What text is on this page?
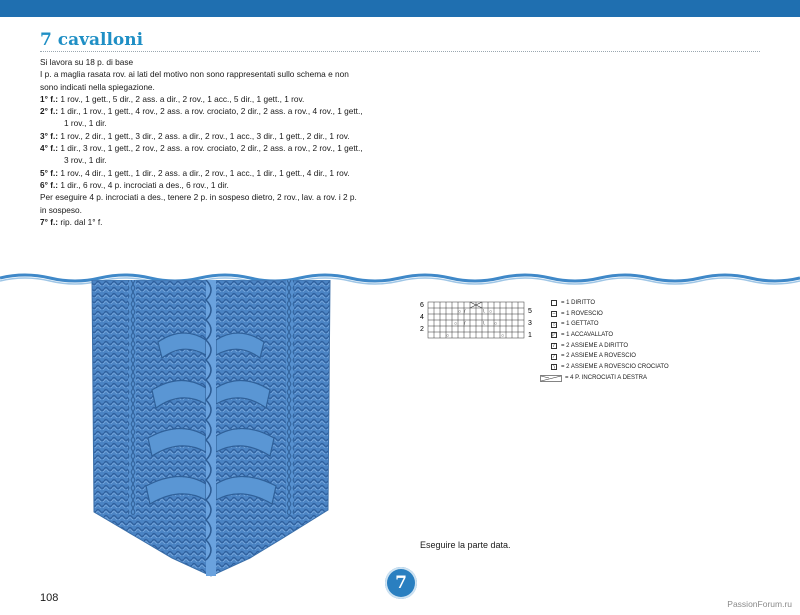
7 cavalloni
Si lavora su 18 p. di base
I p. a maglia rasata rov. ai lati del motivo non sono rappresentati sullo schema e non
sono indicati nella spiegazione.
1° f.: 1 rov., 1 gett., 5 dir., 2 ass. a dir., 2 rov., 1 acc., 5 dir., 1 gett., 1 rov.
2° f.: 1 dir., 1 rov., 1 gett., 4 rov., 2 ass. a rov. crociato, 2 dir., 2 ass. a rov., 4 rov., 1 gett.,
1 rov., 1 dir.
3° f.: 1 rov., 2 dir., 1 gett., 3 dir., 2 ass. a dir., 2 rov., 1 acc., 3 dir., 1 gett., 2 dir., 1 rov.
4° f.: 1 dir., 3 rov., 1 gett., 2 rov., 2 ass. a rov. crociato, 2 dir., 2 ass. a rov., 2 rov., 1 gett.,
3 rov., 1 dir.
5° f.: 1 rov., 4 dir., 1 gett., 1 dir., 2 ass. a dir., 2 rov., 1 acc., 1 dir., 1 gett., 4 dir., 1 rov.
6° f.: 1 dir., 6 rov., 4 p. incrociati a des., 6 rov., 1 dir.
Per eseguire 4 p. incrociati a des., tenere 2 p. in sospeso dietro, 2 rov., lav. a rov. i 2 p.
in sospeso.
7° f.: rip. dal 1° f.
6
4
2
5
3
1
○	○
○	○
○	○
/	\
/	\
= 1 DIRITTO
– = 1 ROVESCIO
○ = 1 GETTATO
◸ = 1 ACCAVALLATO
/	= 2 ASSIEME A DIRITTO
⁄	= 2 ASSIEME A ROVESCIO
∖ = 2 ASSIEME A ROVESCIO CROCIATO
= 4 P. INCROCIATI A DESTRA
Eseguire la parte data.
108
7
PassionForum.ru
